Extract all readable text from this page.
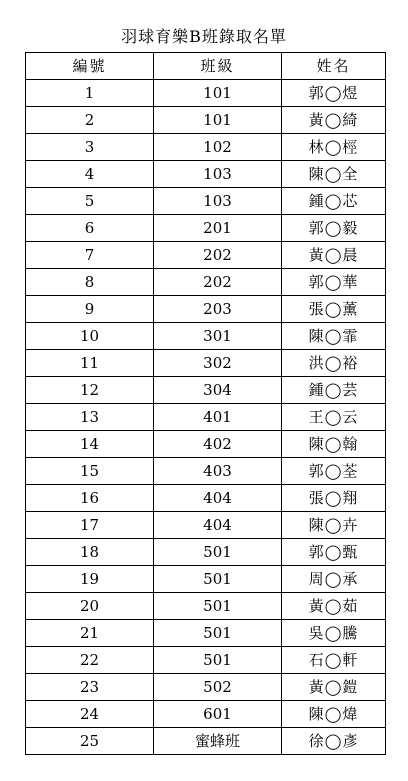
羽球育樂B班錄取名單
編號	班級	姓名
1	101	郭◯煜
2	101	黃◯綺
3	102	林◯桱
4	103	陳◯全
5	103	鍾◯芯
6	201	郭◯毅
7	202	黃◯晨
8	202	郭◯華
9	203	張◯薰
10	301	陳◯霏
11	302	洪◯裕
12	304	鍾◯芸
13	401	王◯云
14	402	陳◯翰
15	403	郭◯荃
16	404	張◯翔
17	404	陳◯卉
18	501	郭◯甄
19	501	周◯承
20	501	黃◯茹
21	501	吳◯騰
22	501	石◯軒
23	502	黃◯鎧
24	601	陳◯煒
25	蜜蜂班	徐◯彥
